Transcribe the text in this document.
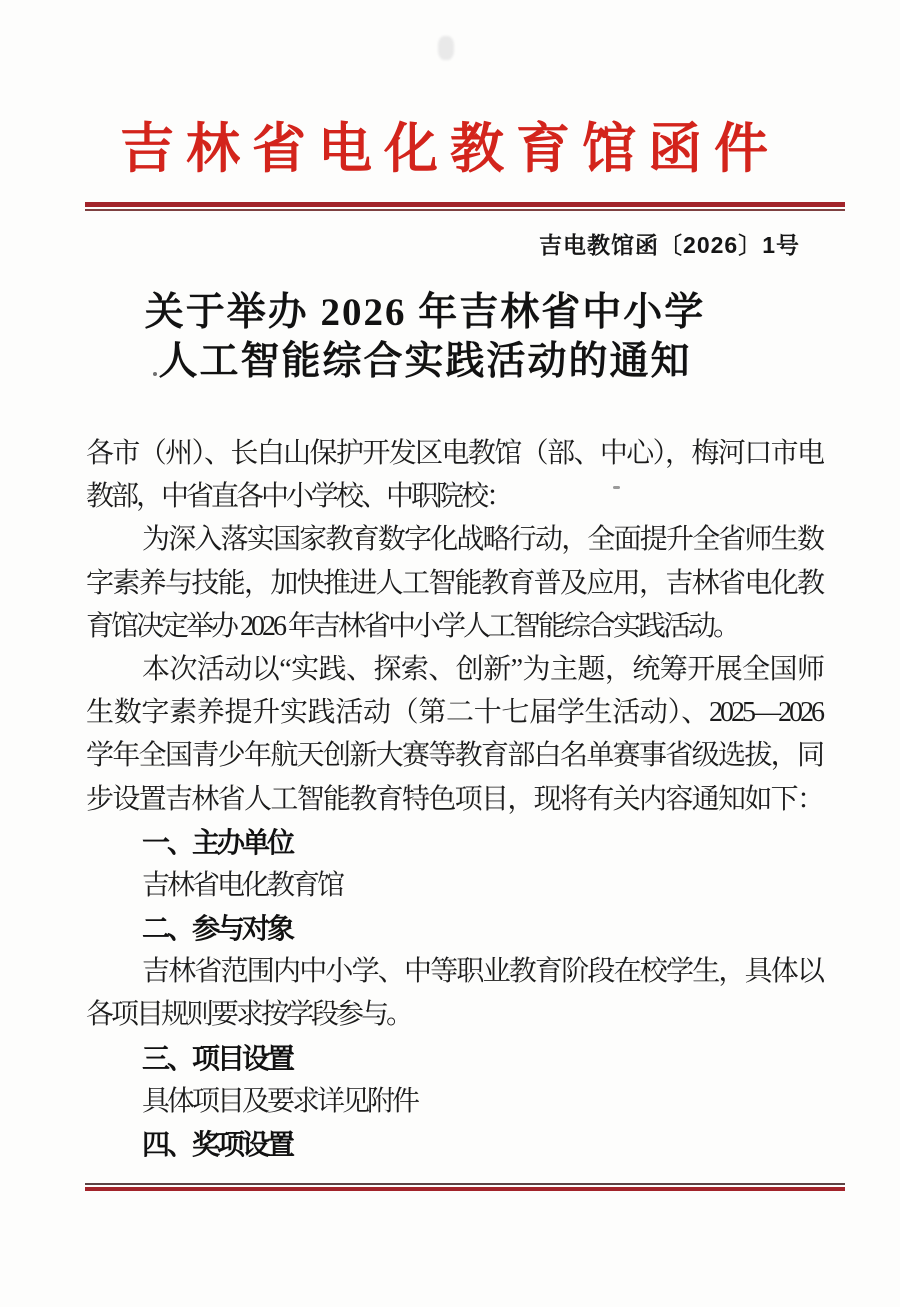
吉林省电化教育馆函件
吉电教馆函〔2026〕1号
关于举办 2026 年吉林省中小学
人工智能综合实践活动的通知
各市（州）、长白山保护开发区电教馆（部、中心），梅河口市电
教部，中省直各中小学校、中职院校：
为深入落实国家教育数字化战略行动，全面提升全省师生数
字素养与技能，加快推进人工智能教育普及应用，吉林省电化教
育馆决定举办 2026 年吉林省中小学人工智能综合实践活动。
本次活动以“实践、探索、创新”为主题，统筹开展全国师
生数字素养提升实践活动（第二十七届学生活动）、2025—2026
学年全国青少年航天创新大赛等教育部白名单赛事省级选拔，同
步设置吉林省人工智能教育特色项目，现将有关内容通知如下：
一、主办单位
吉林省电化教育馆
二、参与对象
吉林省范围内中小学、中等职业教育阶段在校学生，具体以
各项目规则要求按学段参与。
三、项目设置
具体项目及要求详见附件
四、奖项设置
